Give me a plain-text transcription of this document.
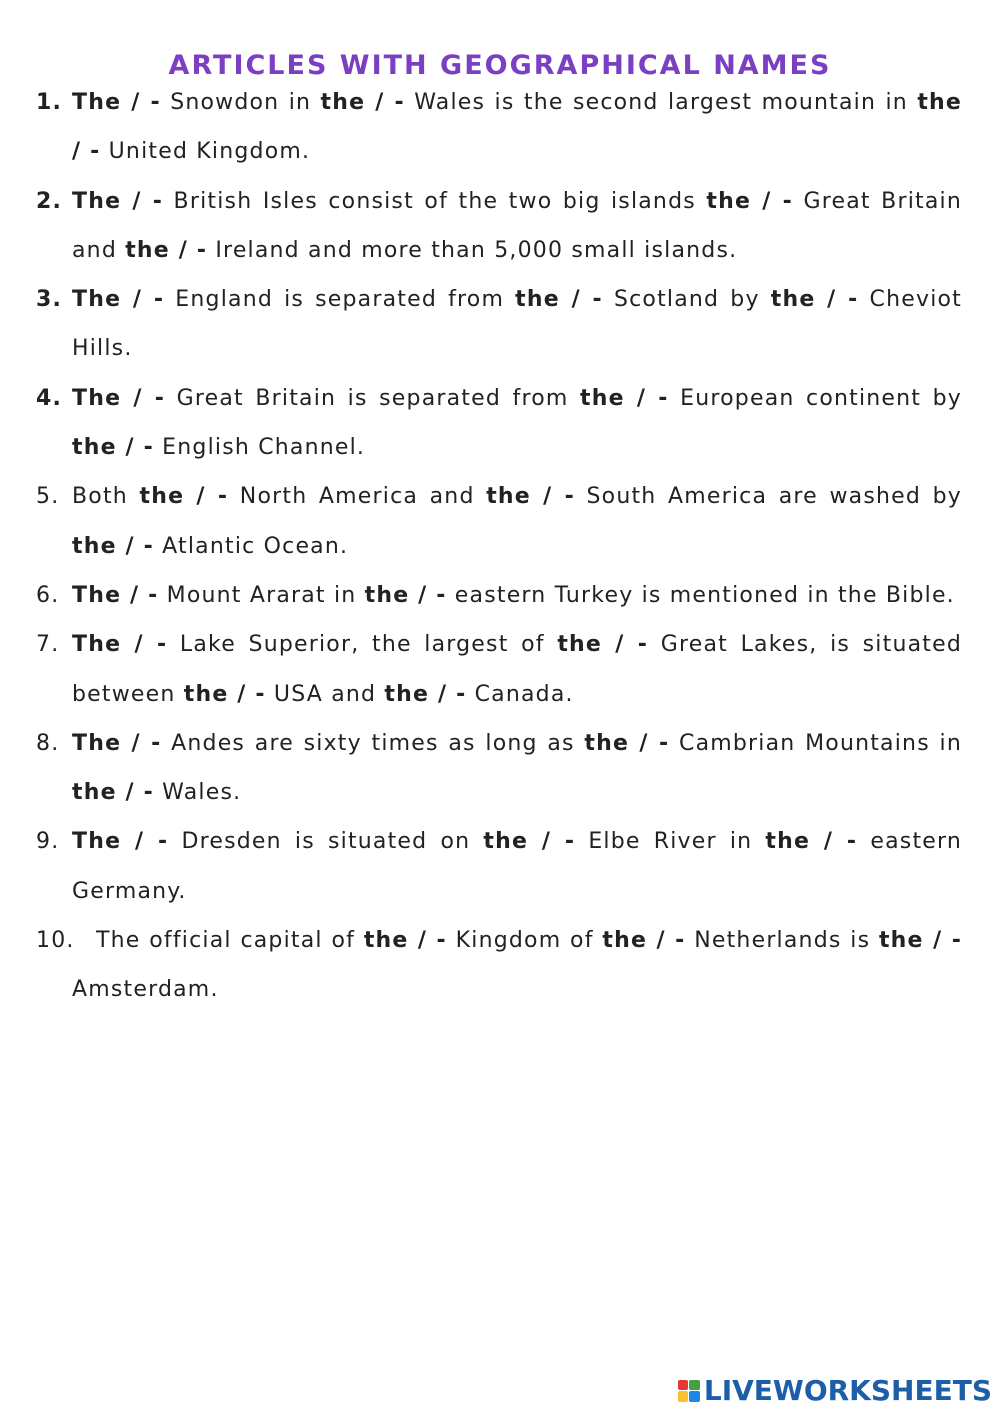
ARTICLES WITH GEOGRAPHICAL NAMES
1. The / - Snowdon in the / - Wales is the second largest mountain in the / - United Kingdom.
2. The / - British Isles consist of the two big islands the / - Great Britain and the / - Ireland and more than 5,000 small islands.
3. The / - England is separated from the / - Scotland by the / - Cheviot Hills.
4. The / - Great Britain is separated from the / - European continent by the / - English Channel.
5. Both the / - North America and the / - South America are washed by the / - Atlantic Ocean.
6. The / - Mount Ararat in the / - eastern Turkey is mentioned in the Bible.
7. The / - Lake Superior, the largest of the / - Great Lakes, is situated between the / - USA and the / - Canada.
8. The / - Andes are sixty times as long as the / - Cambrian Mountains in the / - Wales.
9. The / - Dresden is situated on the / - Elbe River in the / - eastern Germany.
10. The official capital of the / - Kingdom of the / - Netherlands is the / - Amsterdam.
LIVEWORKSHEETS
